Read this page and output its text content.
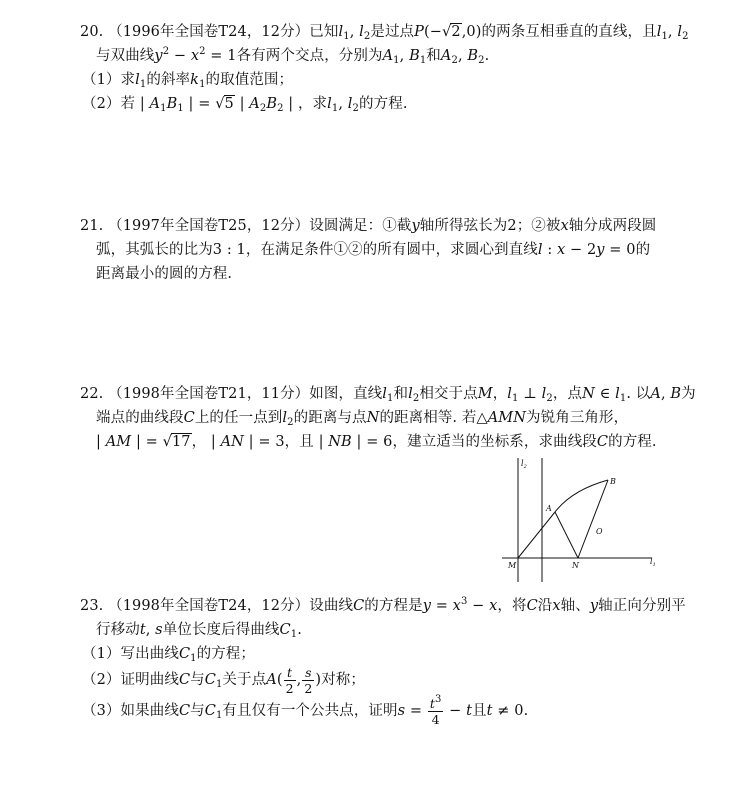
20. （1996年全国卷T24，12分）已知$l_1$, $l_2$是过点P(−√2,0)的两条互相垂直的直线，且$l_1$, $l_2$
与双曲线$y^2 - x^2 = 1$各有两个交点，分别为$A_1$, $B_1$和$A_2$, $B_2$.
（1）求$l_1$的斜率$k_1$的取值范围；
（2）若 | $A_1B_1$ | = √5 | $A_2B_2$ | ，求$l_1$, $l_2$的方程.
21. （1997年全国卷T25，12分）设圆满足：①截y轴所得弦长为2；②被x轴分成两段圆
弧，其弧长的比为3 : 1，在满足条件①②的所有圆中，求圆心到直线l : x − 2y = 0的
距离最小的圆的方程.
22. （1998年全国卷T21，11分）如图，直线$l_1$和$l_2$相交于点M，$l_1$ ⊥ $l_2$，点N ∈ $l_1$. 以A, B为
端点的曲线段C上的任一点到$l_2$的距离与点N的距离相等. 若△AMN为锐角三角形，
| AM | = √17， | AN | = 3，且 | NB | = 6，建立适当的坐标系，求曲线段C的方程.
$l_2$
$l_1$
A
B
M	N
O
23. （1998年全国卷T24，12分）设曲线C的方程是$y = x^3 - x$，将C沿x轴、y轴正向分别平
行移动t, s单位长度后得曲线$C_1$.
（1）写出曲线$C_1$的方程；
（2）证明曲线C与$C_1$关于点$A( \frac{t}{2}$ , $\frac{s}{2}$ )对称；
（3）如果曲线C与$C_1$有且仅有一个公共点，证明$s = \frac{t^3}{4} - t$且t ≠ 0.
